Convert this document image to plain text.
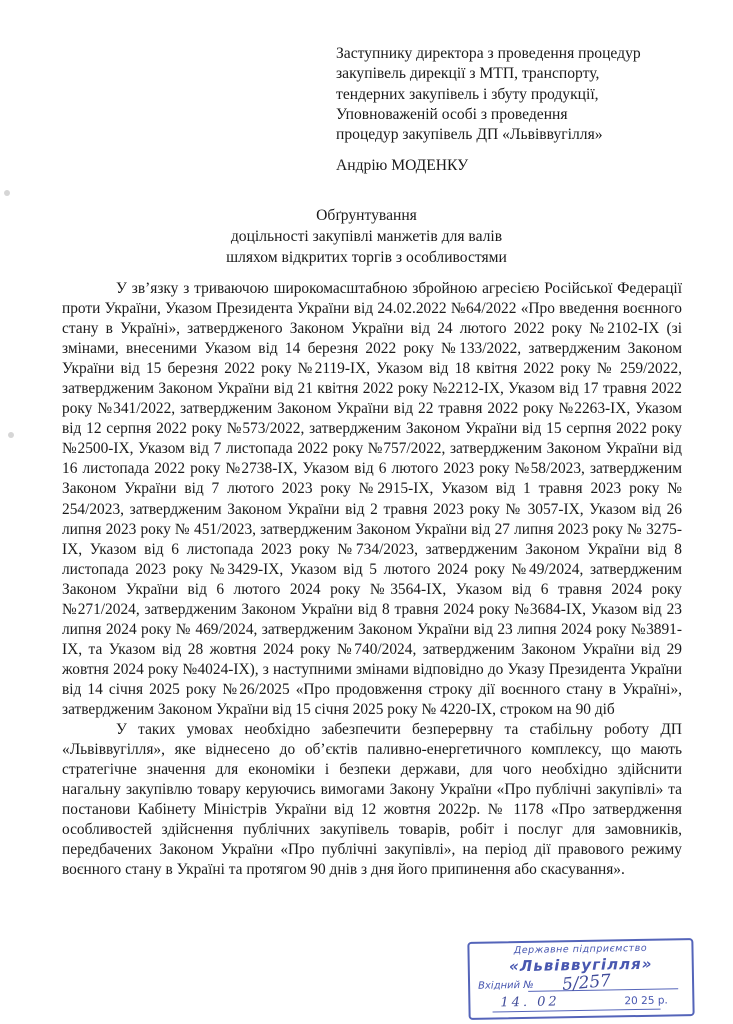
Заступнику директора з проведення процедур
закупівель дирекції з МТП, транспорту,
тендерних закупівель і збуту продукції,
Уповноваженій особі з проведення
процедур закупівель ДП «Львіввугілля»
Андрію МОДЕНКУ
Обґрунтування
доцільності закупівлі манжетів для валів
шляхом відкритих торгів з особливостями

У зв’язку з триваючою широкомасштабною збройною агресією Російської Федерації проти України, Указом Президента України від 24.02.2022 №64/2022 «Про введення воєнного стану в Україні», затвердженого Законом України від 24 лютого 2022 року №2102-IX (зі змінами, внесеними Указом від 14 березня 2022 року №133/2022, затвердженим Законом України від 15 березня 2022 року №2119-IX, Указом від 18 квітня 2022 року № 259/2022, затвердженим Законом України від 21 квітня 2022 року №2212-IX, Указом від 17 травня 2022 року №341/2022, затвердженим Законом України від 22 травня 2022 року №2263-IX, Указом від 12 серпня 2022 року №573/2022, затвердженим Законом України від 15 серпня 2022 року №2500-IX, Указом від 7 листопада 2022 року №757/2022, затвердженим Законом України від 16 листопада 2022 року №2738-IX, Указом від 6 лютого 2023 року №58/2023, затвердженим Законом України від 7 лютого 2023 року №2915-IX, Указом від 1 травня 2023 року № 254/2023, затвердженим Законом України від 2 травня 2023 року № 3057-IX, Указом від 26 липня 2023 року № 451/2023, затвердженим Законом України від 27 липня 2023 року № 3275-IX, Указом від 6 листопада 2023 року №734/2023, затвердженим Законом України від 8 листопада 2023 року №3429-IX, Указом від 5 лютого 2024 року №49/2024, затвердженим Законом України від 6 лютого 2024 року №3564-IX, Указом від 6 травня 2024 року №271/2024, затвердженим Законом України від 8 травня 2024 року №3684-IX, Указом від 23 липня 2024 року № 469/2024, затвердженим Законом України від 23 липня 2024 року №3891-IX, та Указом від 28 жовтня 2024 року №740/2024, затвердженим Законом України від 29 жовтня 2024 року №4024-IX), з наступними змінами відповідно до Указу Президента України від 14 січня 2025 року №26/2025 «Про продовження строку дії воєнного стану в Україні», затвердженим Законом України від 15 січня 2025 року № 4220-IX, строком на 90 діб

У таких умовах необхідно забезпечити безперервну та стабільну роботу ДП «Львіввугілля», яке віднесено до об’єктів паливно-енергетичного комплексу, що мають стратегічне значення для економіки і безпеки держави, для чого необхідно здійснити нагальну закупівлю товару керуючись вимогами Закону України «Про публічні закупівлі» та постанови Кабінету Міністрів України від 12 жовтня 2022р. № 1178 «Про затвердження особливостей здійснення публічних закупівель товарів, робіт і послуг для замовників, передбачених Законом України «Про публічні закупівлі», на період дії правового режиму воєнного стану в Україні та протягом 90 днів з дня його припинення або скасування».

Державне підприємство
«Львіввугілля»
Вхідний № 5/257
14. 02	20 25 р.
